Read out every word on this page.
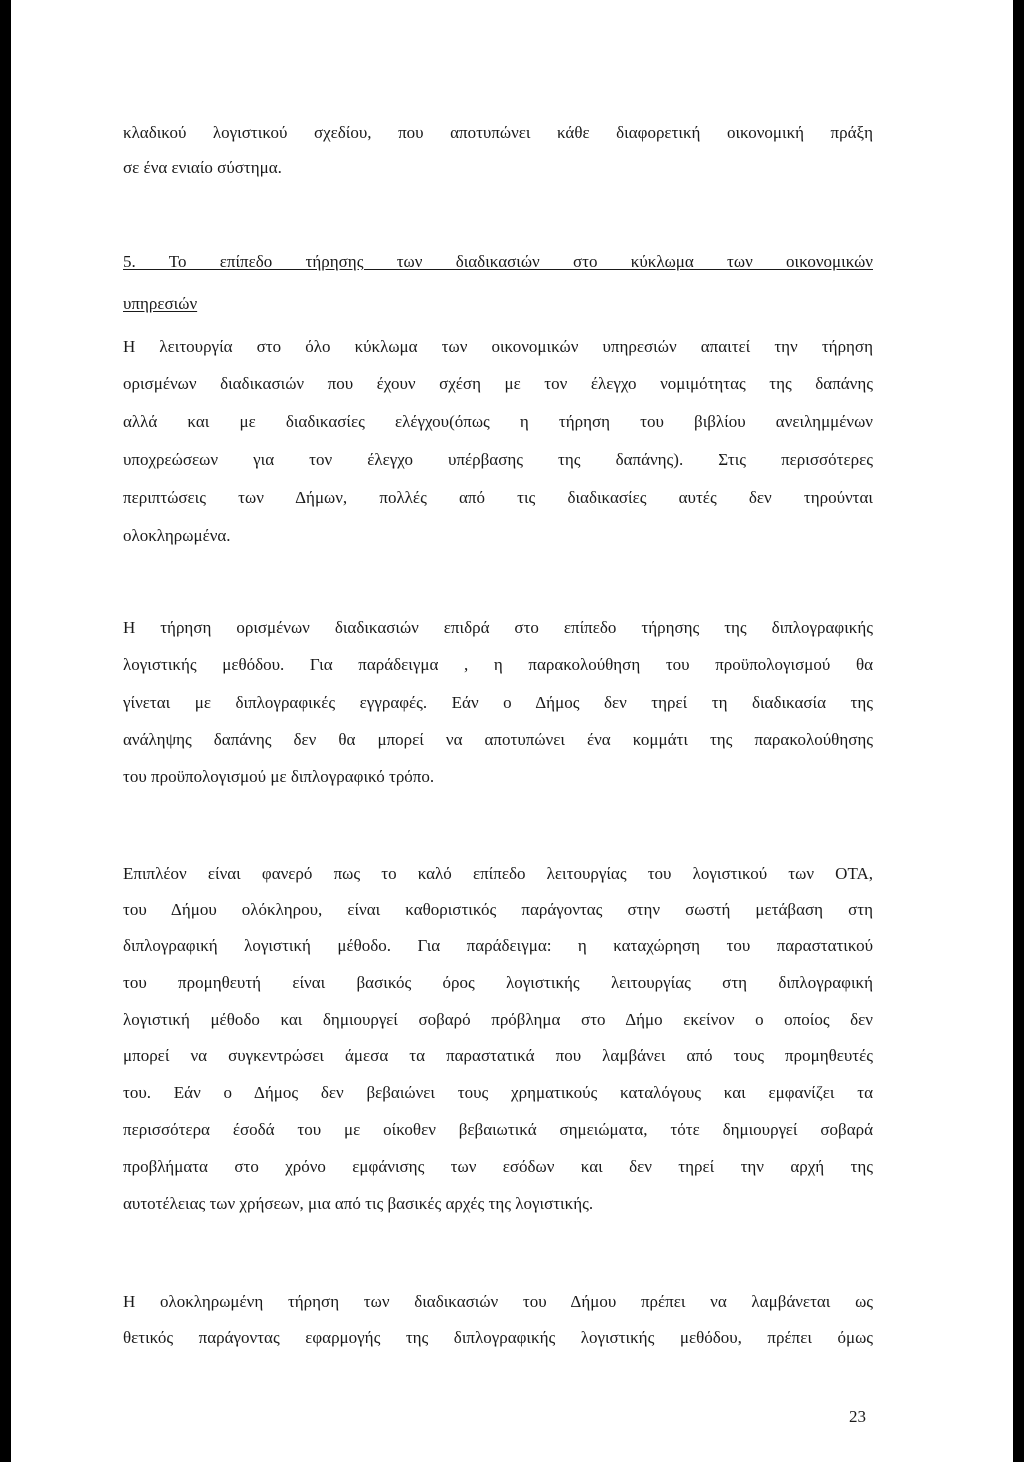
κλαδικού λογιστικού σχεδίου, που αποτυπώνει κάθε διαφορετική οικονομική πράξη

σε ένα ενιαίο σύστημα.

5. Το επίπεδο τήρησης των διαδικασιών στο κύκλωμα των οικονομικών

υπηρεσιών

Η λειτουργία στο όλο κύκλωμα των οικονομικών υπηρεσιών απαιτεί την τήρηση

ορισμένων διαδικασιών που έχουν σχέση με τον έλεγχο νομιμότητας της δαπάνης

αλλά και με διαδικασίες ελέγχου(όπως η τήρηση του βιβλίου ανειλημμένων

υποχρεώσεων για τον έλεγχο υπέρβασης της δαπάνης). Στις περισσότερες

περιπτώσεις των Δήμων, πολλές από τις διαδικασίες αυτές δεν τηρούνται

ολοκληρωμένα.

Η τήρηση ορισμένων διαδικασιών επιδρά στο επίπεδο τήρησης της διπλογραφικής

λογιστικής μεθόδου. Για παράδειγμα , η παρακολούθηση του προϋπολογισμού θα

γίνεται με διπλογραφικές εγγραφές. Εάν ο Δήμος δεν τηρεί τη διαδικασία της

ανάληψης δαπάνης δεν θα μπορεί να αποτυπώνει ένα κομμάτι της παρακολούθησης

του προϋπολογισμού με διπλογραφικό τρόπο.

Επιπλέον είναι φανερό πως το καλό επίπεδο λειτουργίας του λογιστικού των ΟΤΑ,

του Δήμου ολόκληρου, είναι καθοριστικός παράγοντας στην σωστή μετάβαση στη

διπλογραφική λογιστική μέθοδο. Για παράδειγμα: η καταχώρηση του παραστατικού

του προμηθευτή είναι βασικός όρος λογιστικής λειτουργίας στη διπλογραφική

λογιστική μέθοδο και δημιουργεί σοβαρό πρόβλημα στο Δήμο εκείνον ο οποίος δεν

μπορεί να συγκεντρώσει άμεσα τα παραστατικά που λαμβάνει από τους προμηθευτές

του. Εάν ο Δήμος δεν βεβαιώνει τους χρηματικούς καταλόγους και εμφανίζει τα

περισσότερα έσοδά του με οίκοθεν βεβαιωτικά σημειώματα, τότε δημιουργεί σοβαρά

προβλήματα στο χρόνο εμφάνισης των εσόδων και δεν τηρεί την αρχή της

αυτοτέλειας των χρήσεων, μια από τις βασικές αρχές της λογιστικής.

Η ολοκληρωμένη τήρηση των διαδικασιών του Δήμου πρέπει να λαμβάνεται ως

θετικός παράγοντας εφαρμογής της διπλογραφικής λογιστικής μεθόδου, πρέπει όμως

23
